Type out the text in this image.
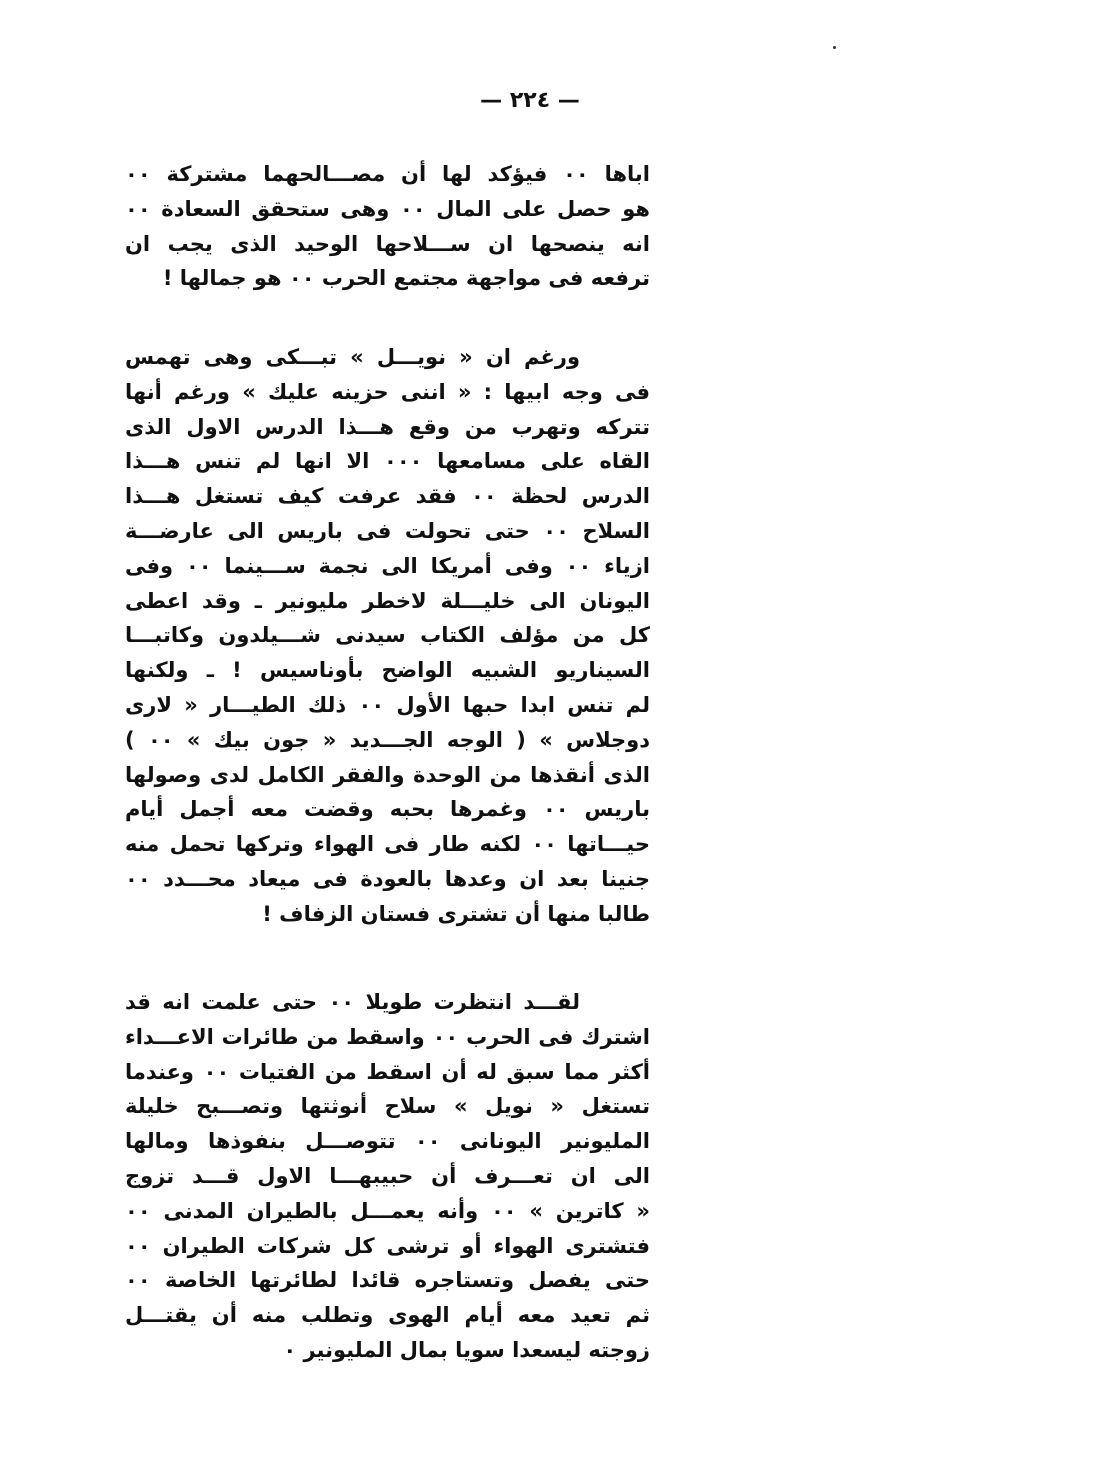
— ٢٢٤ —
اباها ٠٠ فيؤكد لها أن مصـــالحهما مشتركة ٠٠
هو حصل على المال ٠٠ وهى ستحقق السعادة ٠٠
انه ينصحها ان ســـلاحها الوحيد الذى يجب ان
ترفعه فى مواجهة مجتمع الحرب ٠٠ هو جمالها !
ورغم ان « نويـــل » تبـــكى وهى تهمس
فى وجه ابيها : « اننى حزينه عليك » ورغم أنها
تتركه وتهرب من وقع هـــذا الدرس الاول الذى
القاه على مسامعها ٠٠٠ الا انها لم تنس هـــذا
الدرس لحظة ٠٠ فقد عرفت كيف تستغل هـــذا
السلاح ٠٠ حتى تحولت فى باريس الى عارضـــة
ازياء ٠٠ وفى أمريكا الى نجمة ســـينما ٠٠ وفى
اليونان الى خليـــلة لاخطر مليونير ـ وقد اعطى
كل من مؤلف الكتاب سيدنى شـــيلدون وكاتبـــا
السيناريو الشبيه الواضح بأوناسيس ! ـ ولكنها
لم تنس ابدا حبها الأول ٠٠ ذلك الطيـــار « لارى
دوجلاس » ( الوجه الجـــديد « جون بيك » ٠٠ )
الذى أنقذها من الوحدة والفقر الكامل لدى وصولها
باريس ٠٠ وغمرها بحبه وقضت معه أجمل أيام
حيـــاتها ٠٠ لكنه طار فى الهواء وتركها تحمل منه
جنينا بعد ان وعدها بالعودة فى ميعاد محـــدد ٠٠
طالبا منها أن تشترى فستان الزفاف !
لقـــد انتظرت طويلا ٠٠ حتى علمت انه قد
اشترك فى الحرب ٠٠ واسقط من طائرات الاعـــداء
أكثر مما سبق له أن اسقط من الفتيات ٠٠ وعندما
تستغل « نويل » سلاح أنوثتها وتصـــبح خليلة
المليونير اليونانى ٠٠ تتوصـــل بنفوذها ومالها
الى ان تعـــرف أن حبيبهـــا الاول قـــد تزوج
« كاترين » ٠٠ وأنه يعمـــل بالطيران المدنى ٠٠
فتشترى الهواء أو ترشى كل شركات الطيران ٠٠
حتى يفصل وتستاجره قائدا لطائرتها الخاصة ٠٠
ثم تعيد معه أيام الهوى وتطلب منه أن يقتـــل
زوجته ليسعدا سويا بمال المليونير ٠
